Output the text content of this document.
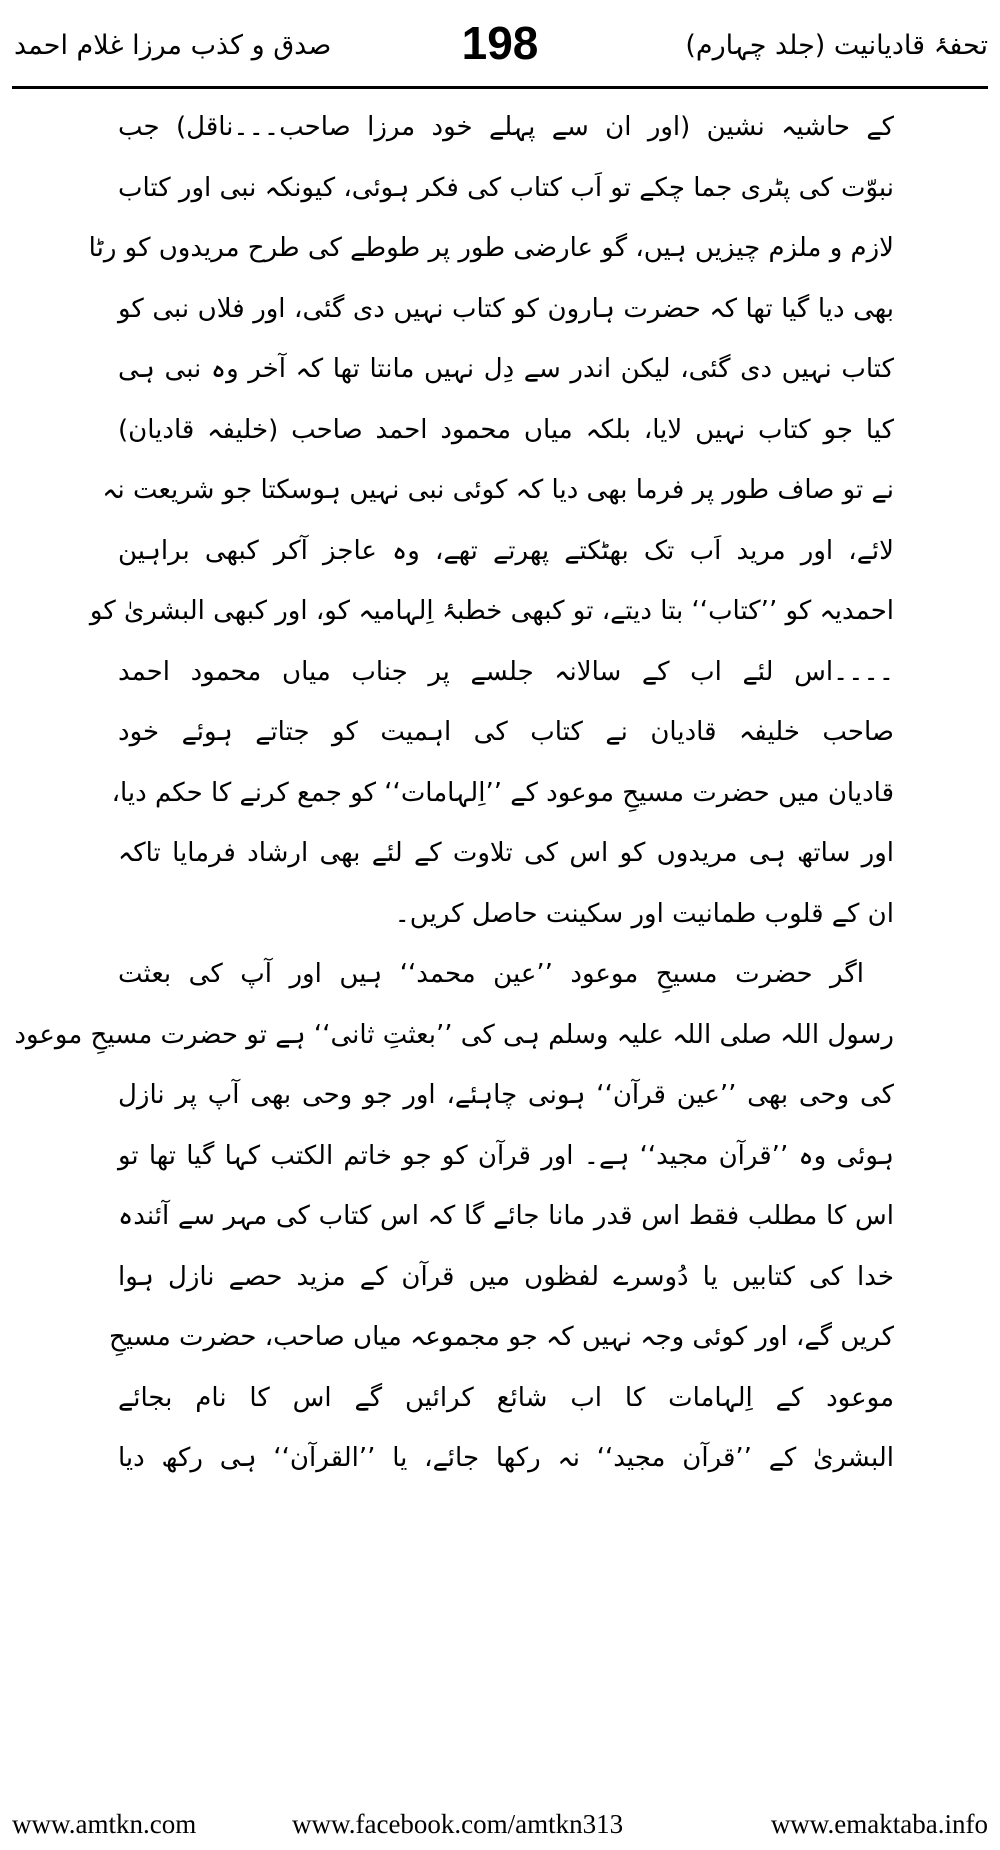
تحفۂ قادیانیت (جلد چہارم)
198
صدق و کذب مرزا غلام احمد
کے حاشیہ نشین (اور ان سے پہلے خود مرزا صاحب۔۔۔ناقل) جب
نبوّت کی پٹری جما چکے تو اَب کتاب کی فکر ہوئی، کیونکہ نبی اور کتاب
لازم و ملزم چیزیں ہیں، گو عارضی طور پر طوطے کی طرح مریدوں کو رٹا
بھی دیا گیا تھا کہ حضرت ہارون کو کتاب نہیں دی گئی، اور فلاں نبی کو
کتاب نہیں دی گئی، لیکن اندر سے دِل نہیں مانتا تھا کہ آخر وہ نبی ہی
کیا جو کتاب نہیں لایا، بلکہ میاں محمود احمد صاحب (خلیفہ قادیان)
نے تو صاف طور پر فرما بھی دیا کہ کوئی نبی نہیں ہوسکتا جو شریعت نہ
لائے، اور مرید اَب تک بھٹکتے پھرتے تھے، وہ عاجز آکر کبھی براہین
احمدیہ کو ’’کتاب‘‘ بتا دیتے، تو کبھی خطبۂ اِلہامیہ کو، اور کبھی البشریٰ کو
۔۔۔۔اس لئے اب کے سالانہ جلسے پر جناب میاں محمود احمد
صاحب خلیفہ قادیان نے کتاب کی اہمیت کو جتاتے ہوئے خود
قادیان میں حضرت مسیحِ موعود کے ’’اِلہامات‘‘ کو جمع کرنے کا حکم دیا،
اور ساتھ ہی مریدوں کو اس کی تلاوت کے لئے بھی ارشاد فرمایا تاکہ
ان کے قلوب طمانیت اور سکینت حاصل کریں۔
اگر حضرت مسیحِ موعود ’’عین محمد‘‘ ہیں اور آپ کی بعثت
رسول اللہ صلی اللہ علیہ وسلم ہی کی ’’بعثتِ ثانی‘‘ ہے تو حضرت مسیحِ موعود
کی وحی بھی ’’عین قرآن‘‘ ہونی چاہئے، اور جو وحی بھی آپ پر نازل
ہوئی وہ ’’قرآن مجید‘‘ ہے۔ اور قرآن کو جو خاتم الکتب کہا گیا تھا تو
اس کا مطلب فقط اس قدر مانا جائے گا کہ اس کتاب کی مہر سے آئندہ
خدا کی کتابیں یا دُوسرے لفظوں میں قرآن کے مزید حصے نازل ہوا
کریں گے، اور کوئی وجہ نہیں کہ جو مجموعہ میاں صاحب، حضرت مسیحِ
موعود کے اِلہامات کا اب شائع کرائیں گے اس کا نام بجائے
البشریٰ کے ’’قرآن مجید‘‘ نہ رکھا جائے، یا ’’القرآن‘‘ ہی رکھ دیا
www.amtkn.com	www.facebook.com/amtkn313	www.emaktaba.info
